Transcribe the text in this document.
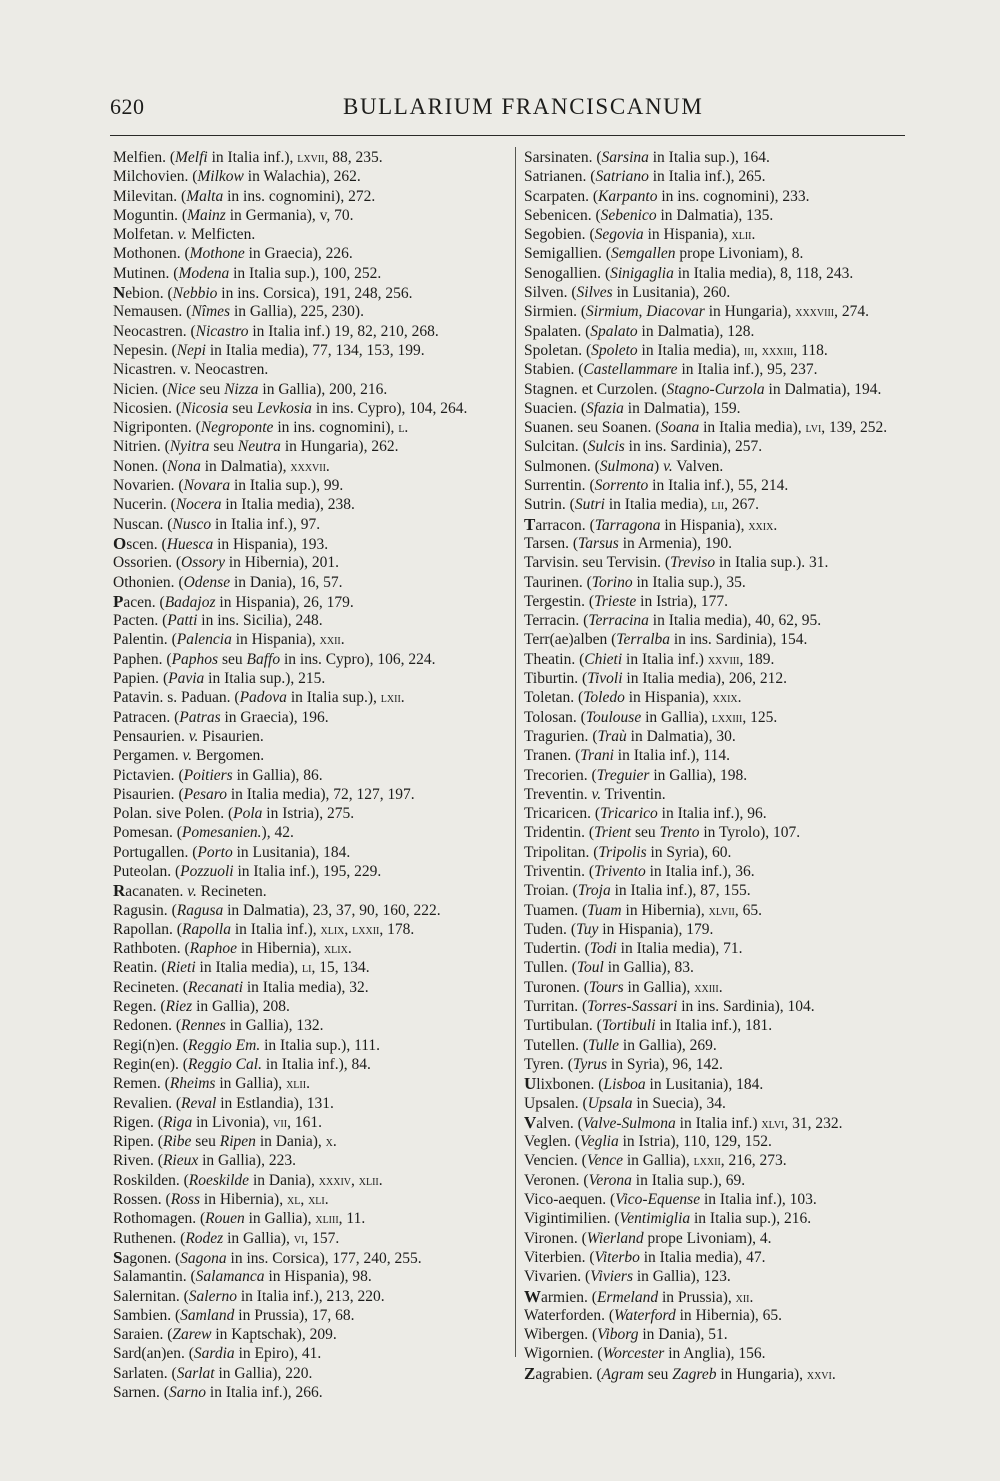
620	BULLARIUM FRANCISCANUM
Melfien. (Melfi in Italia inf.), lxvii, 88, 235.
Milchovien. (Milkow in Walachia), 262.
Milevitan. (Malta in ins. cognomini), 272.
Moguntin. (Mainz in Germania), v, 70.
Molfetan. v. Melficten.
Mothonen. (Mothone in Graecia), 226.
Mutinen. (Modena in Italia sup.), 100, 252.
Nebion. (Nebbio in ins. Corsica), 191, 248, 256.
Nemausen. (Nîmes in Gallia), 225, 230).
Neocastren. (Nicastro in Italia inf.) 19, 82, 210, 268.
Nepesin. (Nepi in Italia media), 77, 134, 153, 199.
Nicastren. v. Neocastren.
Nicien. (Nice seu Nizza in Gallia), 200, 216.
Nicosien. (Nicosia seu Levkosia in ins. Cypro), 104, 264.
Nigriponten. (Negroponte in ins. cognomini), l.
Nitrien. (Nyitra seu Neutra in Hungaria), 262.
Nonen. (Nona in Dalmatia), xxxvii.
Novarien. (Novara in Italia sup.), 99.
Nucerin. (Nocera in Italia media), 238.
Nuscan. (Nusco in Italia inf.), 97.
Oscen. (Huesca in Hispania), 193.
Ossorien. (Ossory in Hibernia), 201.
Othonien. (Odense in Dania), 16, 57.
Pacen. (Badajoz in Hispania), 26, 179.
Pacten. (Patti in ins. Sicilia), 248.
Palentin. (Palencia in Hispania), xxii.
Paphen. (Paphos seu Baffo in ins. Cypro), 106, 224.
Papien. (Pavia in Italia sup.), 215.
Patavin. s. Paduan. (Padova in Italia sup.), lxii.
Patracen. (Patras in Graecia), 196.
Pensaurien. v. Pisaurien.
Pergamen. v. Bergomen.
Pictavien. (Poitiers in Gallia), 86.
Pisaurien. (Pesaro in Italia media), 72, 127, 197.
Polan. sive Polen. (Pola in Istria), 275.
Pomesan. (Pomesanien.), 42.
Portugallen. (Porto in Lusitania), 184.
Puteolan. (Pozzuoli in Italia inf.), 195, 229.
Racanaten. v. Recineten.
Ragusin. (Ragusa in Dalmatia), 23, 37, 90, 160, 222.
Rapollan. (Rapolla in Italia inf.), xlix, lxxii, 178.
Rathboten. (Raphoe in Hibernia), xlix.
Reatin. (Rieti in Italia media), li, 15, 134.
Recineten. (Recanati in Italia media), 32.
Regen. (Riez in Gallia), 208.
Redonen. (Rennes in Gallia), 132.
Regi(n)en. (Reggio Em. in Italia sup.), 111.
Regin(en). (Reggio Cal. in Italia inf.), 84.
Remen. (Rheims in Gallia), xlii.
Revalien. (Reval in Estlandia), 131.
Rigen. (Riga in Livonia), vii, 161.
Ripen. (Ribe seu Ripen in Dania), x.
Riven. (Rieux in Gallia), 223.
Roskilden. (Roeskilde in Dania), xxxiv, xlii.
Rossen. (Ross in Hibernia), xl, xli.
Rothomagen. (Rouen in Gallia), xliii, 11.
Ruthenen. (Rodez in Gallia), vi, 157.
Sagonen. (Sagona in ins. Corsica), 177, 240, 255.
Salamantin. (Salamanca in Hispania), 98.
Salernitan. (Salerno in Italia inf.), 213, 220.
Sambien. (Samland in Prussia), 17, 68.
Saraien. (Zarew in Kaptschak), 209.
Sard(an)en. (Sardia in Epiro), 41.
Sarlaten. (Sarlat in Gallia), 220.
Sarnen. (Sarno in Italia inf.), 266.
Sarsinaten. (Sarsina in Italia sup.), 164.
Satrianen. (Satriano in Italia inf.), 265.
Scarpaten. (Karpanto in ins. cognomini), 233.
Sebenicen. (Sebenico in Dalmatia), 135.
Segobien. (Segovia in Hispania), xlii.
Semigallien. (Semgallen prope Livoniam), 8.
Senogallien. (Sinigaglia in Italia media), 8, 118, 243.
Silven. (Silves in Lusitania), 260.
Sirmien. (Sirmium, Diacovar in Hungaria), xxxviii, 274.
Spalaten. (Spalato in Dalmatia), 128.
Spoletan. (Spoleto in Italia media), iii, xxxiii, 118.
Stabien. (Castellammare in Italia inf.), 95, 237.
Stagnen. et Curzolen. (Stagno-Curzola in Dalmatia), 194.
Suacien. (Sfazia in Dalmatia), 159.
Suanen. seu Soanen. (Soana in Italia media), lvi, 139, 252.
Sulcitan. (Sulcis in ins. Sardinia), 257.
Sulmonen. (Sulmona) v. Valven.
Surrentin. (Sorrento in Italia inf.), 55, 214.
Sutrin. (Sutri in Italia media), lii, 267.
Tarracon. (Tarragona in Hispania), xxix.
Tarsen. (Tarsus in Armenia), 190.
Tarvisin. seu Tervisin. (Treviso in Italia sup.). 31.
Taurinen. (Torino in Italia sup.), 35.
Tergestin. (Trieste in Istria), 177.
Terracin. (Terracina in Italia media), 40, 62, 95.
Terr(ae)alben (Terralba in ins. Sardinia), 154.
Theatin. (Chieti in Italia inf.) xxviii, 189.
Tiburtin. (Tivoli in Italia media), 206, 212.
Toletan. (Toledo in Hispania), xxix.
Tolosan. (Toulouse in Gallia), lxxiii, 125.
Tragurien. (Traù in Dalmatia), 30.
Tranen. (Trani in Italia inf.), 114.
Trecorien. (Treguier in Gallia), 198.
Treventin. v. Triventin.
Tricaricen. (Tricarico in Italia inf.), 96.
Tridentin. (Trient seu Trento in Tyrolo), 107.
Tripolitan. (Tripolis in Syria), 60.
Triventin. (Trivento in Italia inf.), 36.
Troian. (Troja in Italia inf.), 87, 155.
Tuamen. (Tuam in Hibernia), xlvii, 65.
Tuden. (Tuy in Hispania), 179.
Tudertin. (Todi in Italia media), 71.
Tullen. (Toul in Gallia), 83.
Turonen. (Tours in Gallia), xxiii.
Turritan. (Torres-Sassari in ins. Sardinia), 104.
Turtibulan. (Tortibuli in Italia inf.), 181.
Tutellen. (Tulle in Gallia), 269.
Tyren. (Tyrus in Syria), 96, 142.
Ulixbonen. (Lisboa in Lusitania), 184.
Upsalen. (Upsala in Suecia), 34.
Valven. (Valve-Sulmona in Italia inf.) xlvi, 31, 232.
Veglen. (Veglia in Istria), 110, 129, 152.
Vencien. (Vence in Gallia), lxxii, 216, 273.
Veronen. (Verona in Italia sup.), 69.
Vico-aequen. (Vico-Equense in Italia inf.), 103.
Vigintimilien. (Ventimiglia in Italia sup.), 216.
Vironen. (Wierland prope Livoniam), 4.
Viterbien. (Viterbo in Italia media), 47.
Vivarien. (Viviers in Gallia), 123.
Warmien. (Ermeland in Prussia), xii.
Waterforden. (Waterford in Hibernia), 65.
Wibergen. (Viborg in Dania), 51.
Wigornien. (Worcester in Anglia), 156.
Zagrabien. (Agram seu Zagreb in Hungaria), xxvi.
